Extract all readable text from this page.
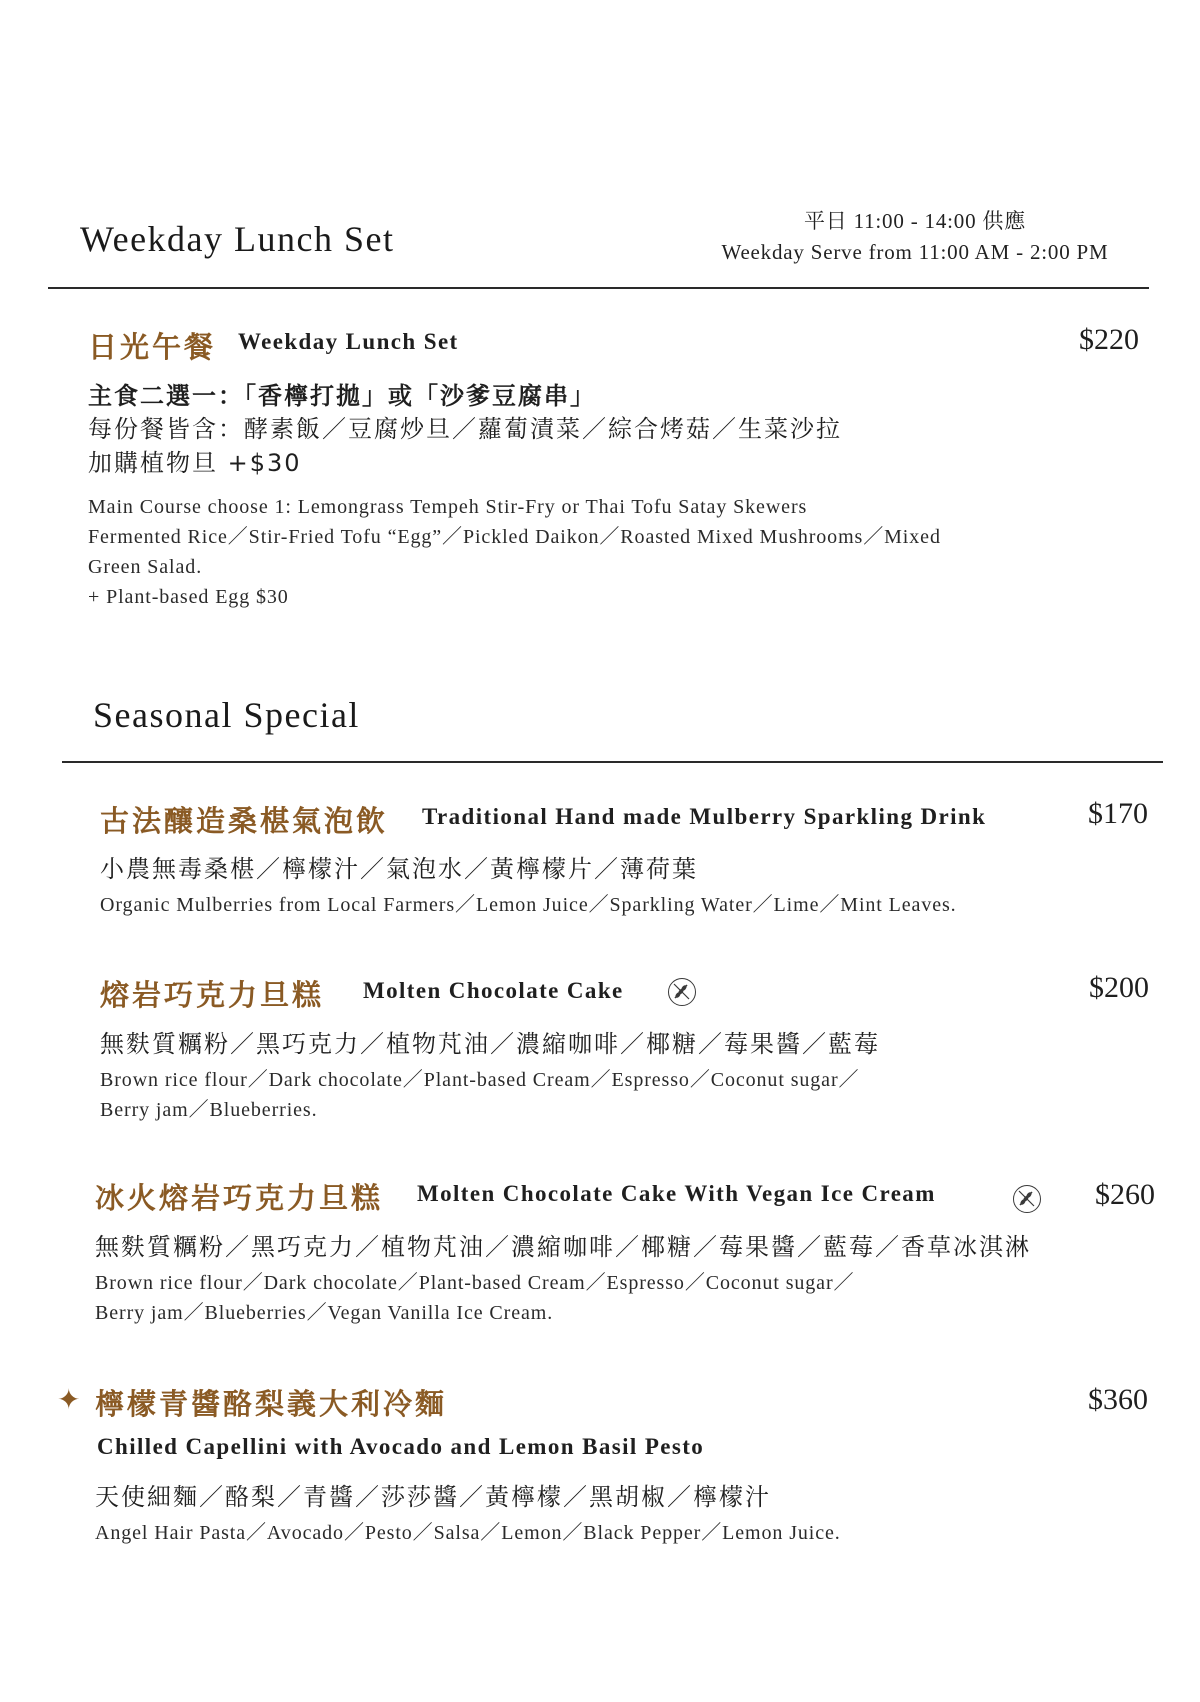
Weekday Lunch Set	平日 11:00 - 14:00 供應
Weekday Serve from 11:00 AM - 2:00 PM
日光午餐 Weekday Lunch Set	$220
主食二選一：「香檸打拋」或「沙爹豆腐串」
每份餐皆含：酵素飯／豆腐炒旦／蘿蔔漬菜／綜合烤菇／生菜沙拉
加購植物旦 +$30
Main Course choose 1: Lemongrass Tempeh Stir-Fry or Thai Tofu Satay Skewers
Fermented Rice／Stir-Fried Tofu “Egg”／Pickled Daikon／Roasted Mixed Mushrooms／Mixed
Green Salad.
+ Plant-based Egg $30
Seasonal Special
古法釀造桑椹氣泡飲 Traditional Hand made Mulberry Sparkling Drink	$170
小農無毒桑椹／檸檬汁／氣泡水／黃檸檬片／薄荷葉
Organic Mulberries from Local Farmers／Lemon Juice／Sparkling Water／Lime／Mint Leaves.
熔岩巧克力旦糕 Molten Chocolate Cake	$200
無麩質糲粉／黑巧克力／植物芃油／濃縮咖啡／椰糖／莓果醬／藍莓
Brown rice flour／Dark chocolate／Plant-based Cream／Espresso／Coconut sugar／
Berry jam／Blueberries.
冰火熔岩巧克力旦糕 Molten Chocolate Cake With Vegan Ice Cream	$260
無麩質糲粉／黑巧克力／植物芃油／濃縮咖啡／椰糖／莓果醬／藍莓／香草冰淇淋
Brown rice flour／Dark chocolate／Plant-based Cream／Espresso／Coconut sugar／
Berry jam／Blueberries／Vegan Vanilla Ice Cream.
✦ 檸檬青醬酪梨義大利冷麵	$360
Chilled Capellini with Avocado and Lemon Basil Pesto
天使細麵／酪梨／青醬／莎莎醬／黃檸檬／黑胡椒／檸檬汁
Angel Hair Pasta／Avocado／Pesto／Salsa／Lemon／Black Pepper／Lemon Juice.
